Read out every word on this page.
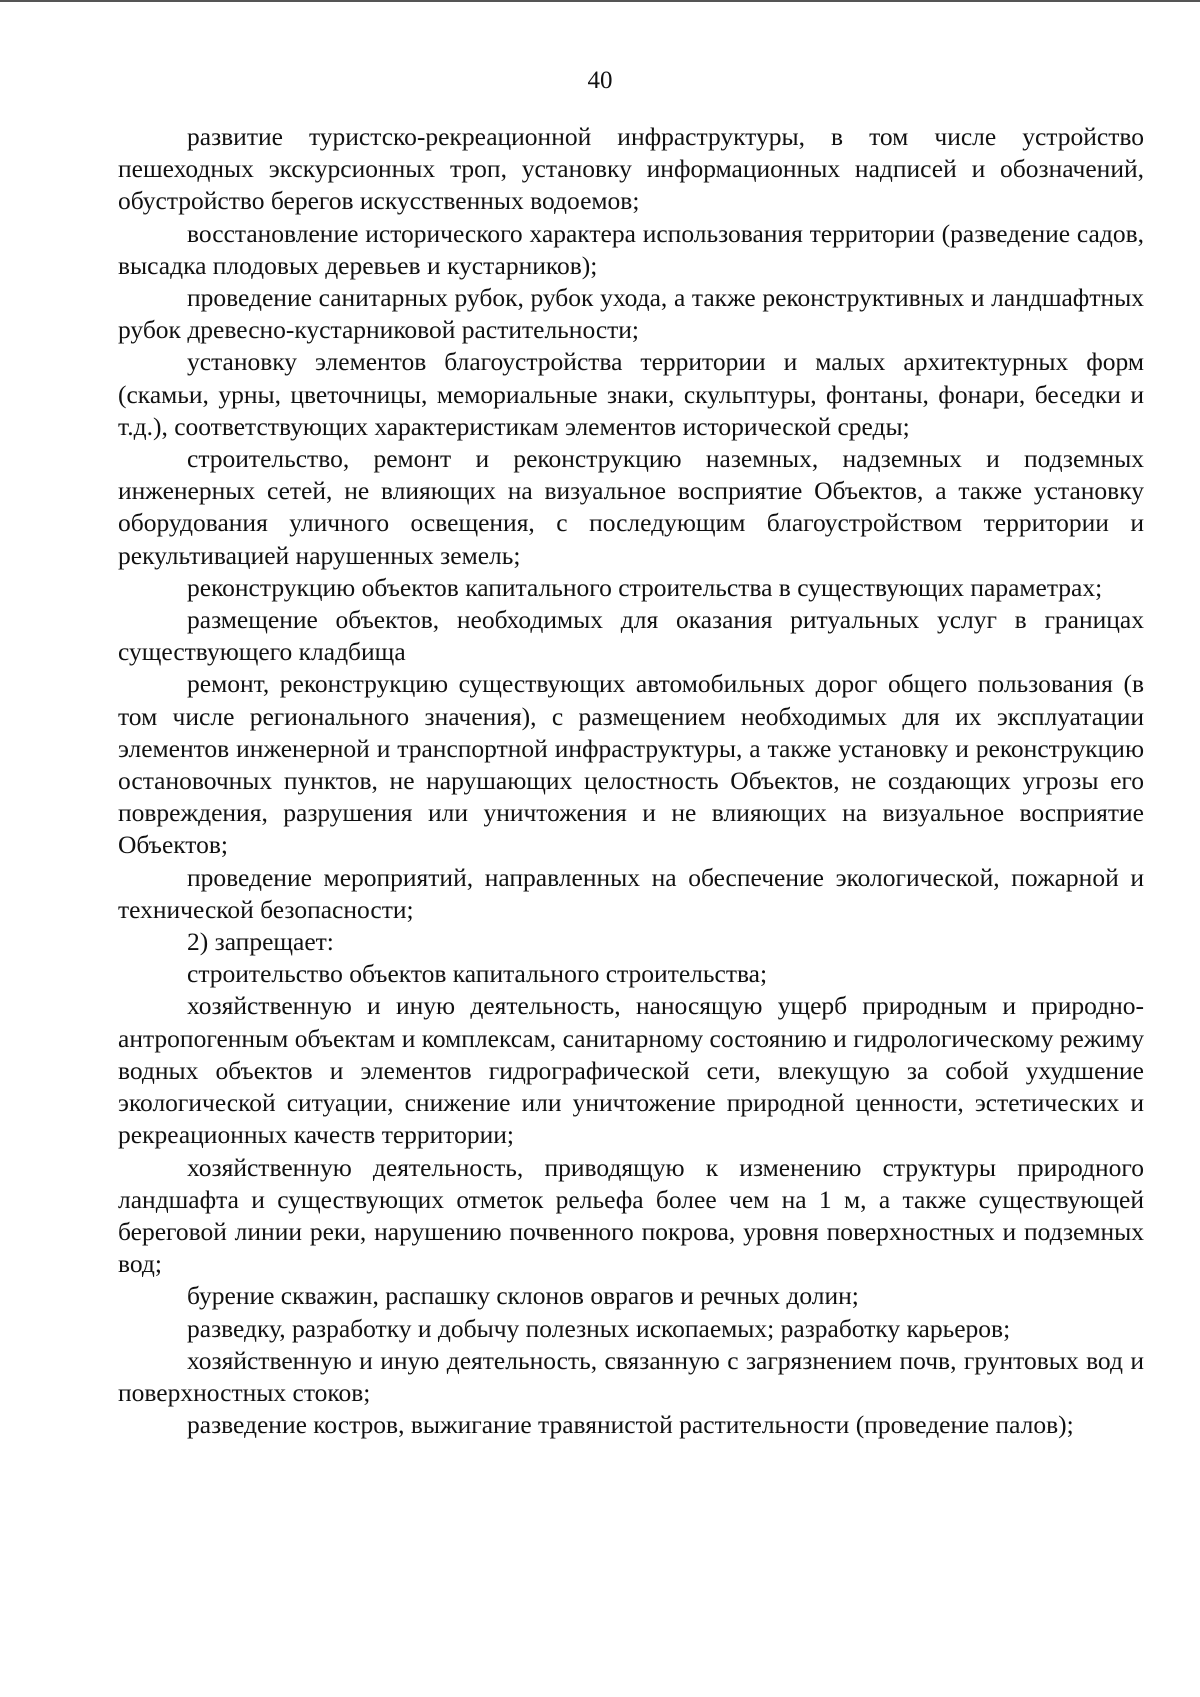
40

развитие туристско-рекреационной инфраструктуры, в том числе устройство пешеходных экскурсионных троп, установку информационных надписей и обозначений, обустройство берегов искусственных водоемов;

восстановление исторического характера использования территории (разведение садов, высадка плодовых деревьев и кустарников);

проведение санитарных рубок, рубок ухода, а также реконструктивных и ландшафтных рубок древесно-кустарниковой растительности;

установку элементов благоустройства территории и малых архитектурных форм (скамьи, урны, цветочницы, мемориальные знаки, скульптуры, фонтаны, фонари, беседки и т.д.), соответствующих характеристикам элементов исторической среды;

строительство, ремонт и реконструкцию наземных, надземных и подземных инженерных сетей, не влияющих на визуальное восприятие Объектов, а также установку оборудования уличного освещения, с последующим благоустройством территории и рекультивацией нарушенных земель;

реконструкцию объектов капитального строительства в существующих параметрах;

размещение объектов, необходимых для оказания ритуальных услуг в границах существующего кладбища

ремонт, реконструкцию существующих автомобильных дорог общего пользования (в том числе регионального значения), с размещением необходимых для их эксплуатации элементов инженерной и транспортной инфраструктуры, а также установку и реконструкцию остановочных пунктов, не нарушающих целостность Объектов, не создающих угрозы его повреждения, разрушения или уничтожения и не влияющих на визуальное восприятие Объектов;

проведение мероприятий, направленных на обеспечение экологической, пожарной и технической безопасности;

2) запрещает:

строительство объектов капитального строительства;

хозяйственную и иную деятельность, наносящую ущерб природным и природно-антропогенным объектам и комплексам, санитарному состоянию и гидрологическому режиму водных объектов и элементов гидрографической сети, влекущую за собой ухудшение экологической ситуации, снижение или уничтожение природной ценности, эстетических и рекреационных качеств территории;

хозяйственную деятельность, приводящую к изменению структуры природного ландшафта и существующих отметок рельефа более чем на 1 м, а также существующей береговой линии реки, нарушению почвенного покрова, уровня поверхностных и подземных вод;

бурение скважин, распашку склонов оврагов и речных долин;

разведку, разработку и добычу полезных ископаемых; разработку карьеров;

хозяйственную и иную деятельность, связанную с загрязнением почв, грунтовых вод и поверхностных стоков;

разведение костров, выжигание травянистой растительности (проведение палов);
